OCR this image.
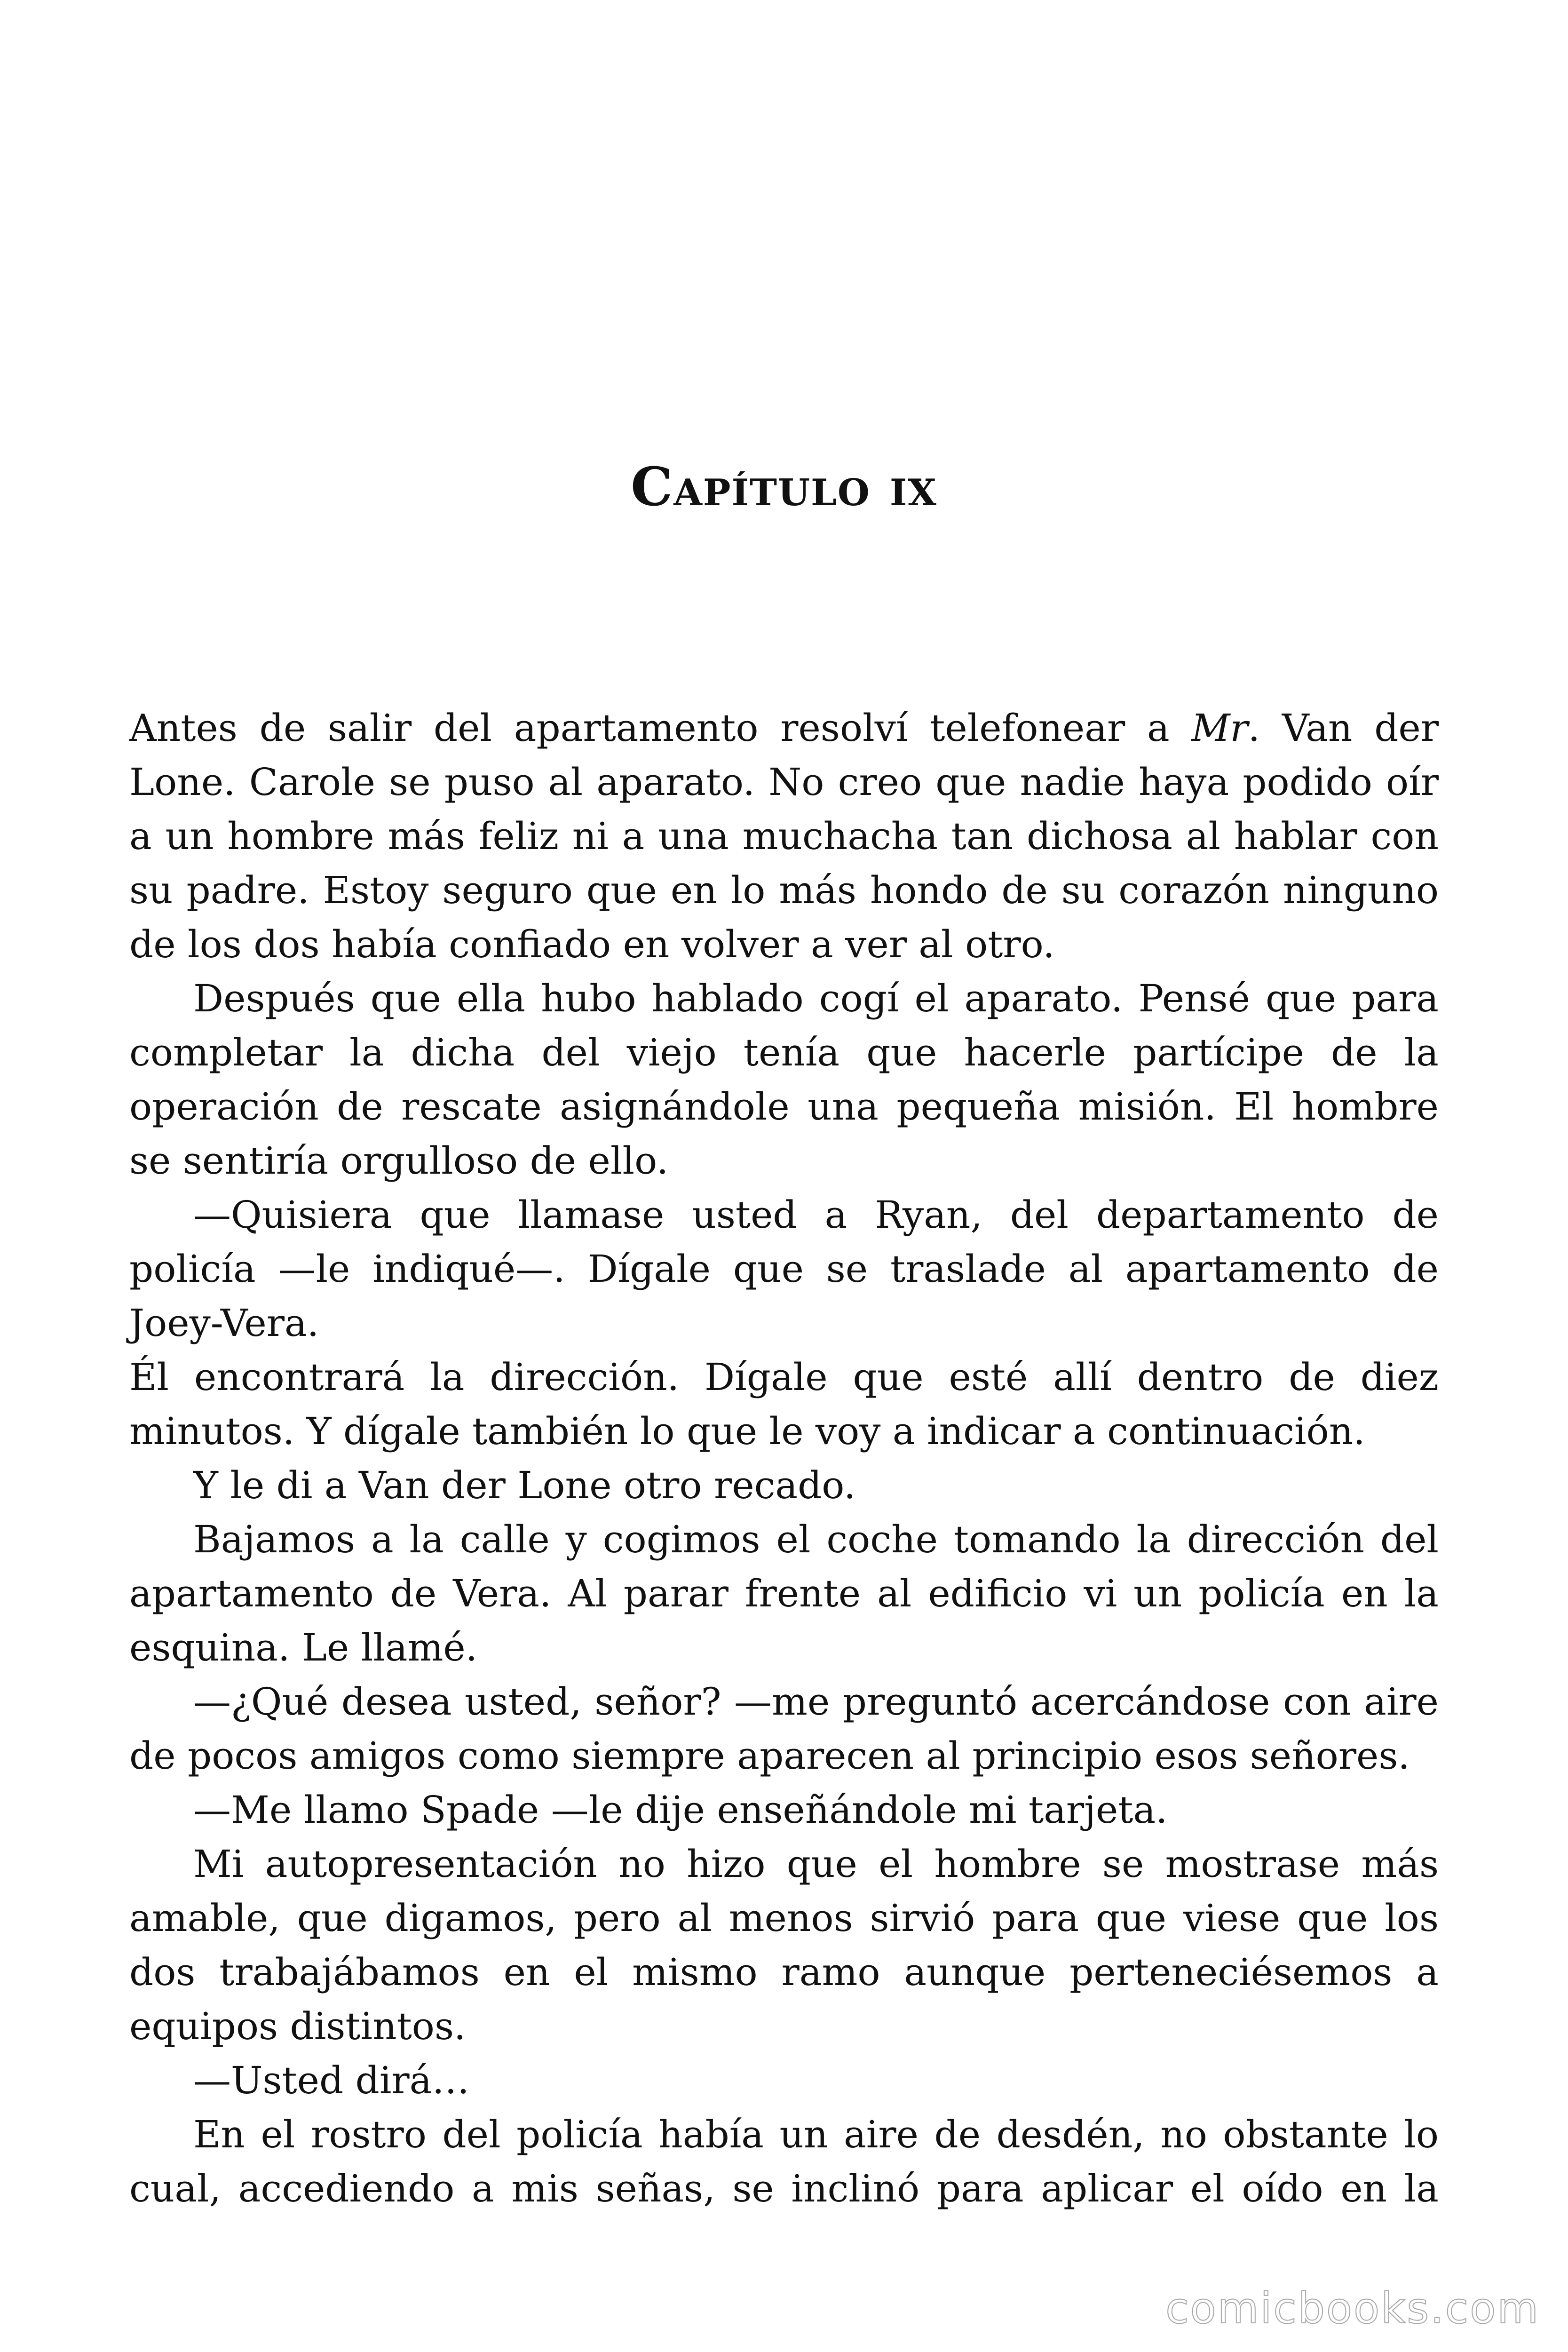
Capítulo ix

Antes de salir del apartamento resolví telefonear a Mr. Van der Lone. Carole se puso al aparato. No creo que nadie haya podido oír a un hombre más feliz ni a una muchacha tan dichosa al hablar con su padre. Estoy seguro que en lo más hondo de su corazón ninguno de los dos había confiado en volver a ver al otro.

Después que ella hubo hablado cogí el aparato. Pensé que para completar la dicha del viejo tenía que hacerle partícipe de la operación de rescate asignándole una pequeña misión. El hombre se sentiría orgulloso de ello.

—Quisiera que llamase usted a Ryan, del departamento de policía —le indiqué—. Dígale que se traslade al apartamento de

Joey-Vera.

Él encontrará la dirección. Dígale que esté allí dentro de diez minutos. Y dígale también lo que le voy a indicar a continuación.

Y le di a Van der Lone otro recado.

Bajamos a la calle y cogimos el coche tomando la dirección del apartamento de Vera. Al parar frente al edificio vi un policía en la esquina. Le llamé.

—¿Qué desea usted, señor? —me preguntó acercándose con aire de pocos amigos como siempre aparecen al principio esos señores.

—Me llamo Spade —le dije enseñándole mi tarjeta.

Mi autopresentación no hizo que el hombre se mostrase más amable, que digamos, pero al menos sirvió para que viese que los dos trabajábamos en el mismo ramo aunque perteneciésemos a equipos distintos.

—Usted dirá…

En el rostro del policía había un aire de desdén, no obstante lo cual, accediendo a mis señas, se inclinó para aplicar el oído en la

comicbooks.com
